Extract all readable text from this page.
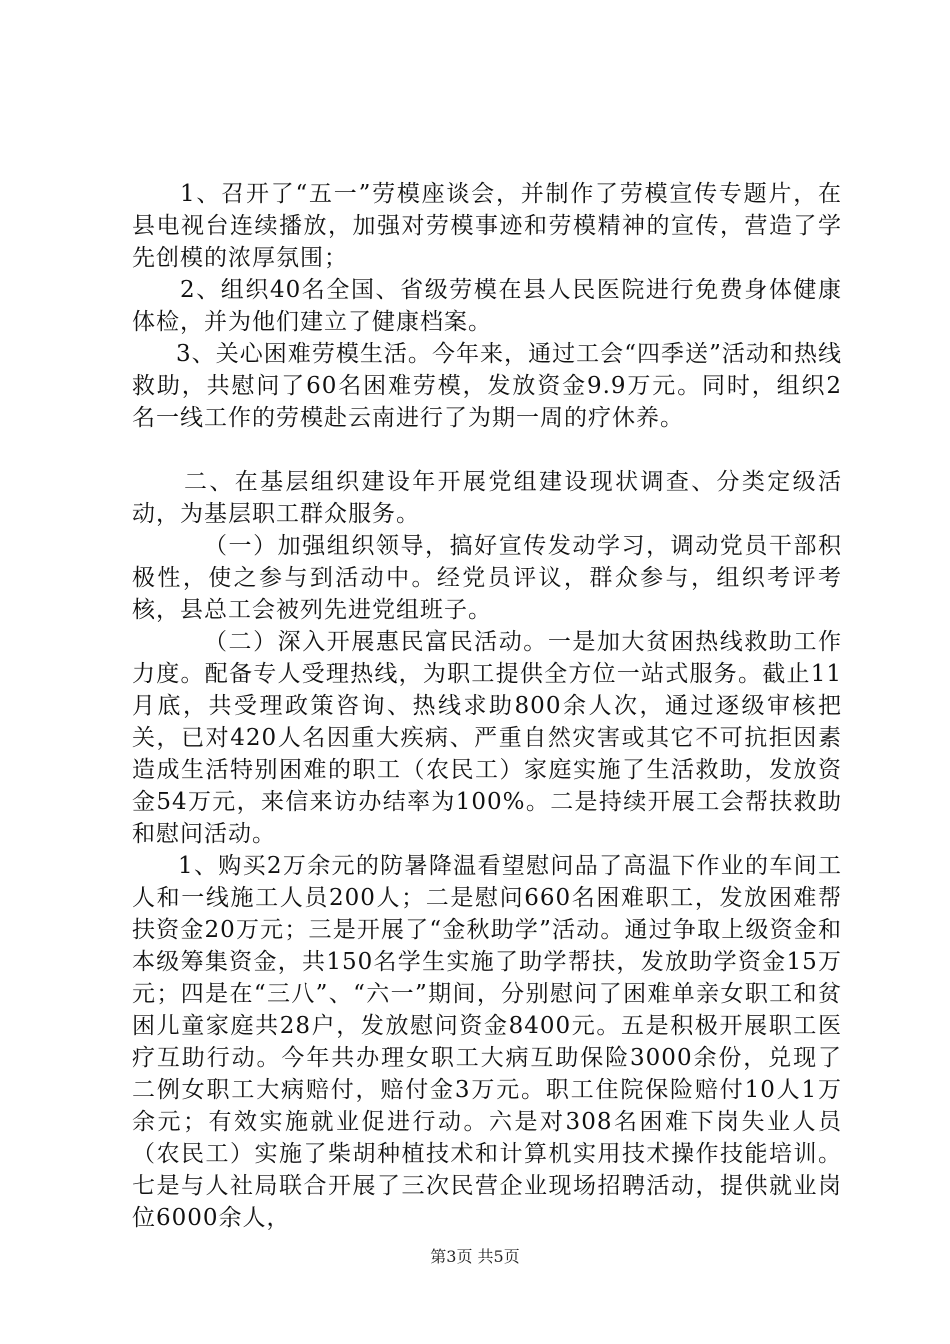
1、召开了“五一”劳模座谈会，并制作了劳模宣传专题片，在县电视台连续播放，加强对劳模事迹和劳模精神的宣传，营造了学先创模的浓厚氛围；

2、组织40名全国、省级劳模在县人民医院进行免费身体健康体检，并为他们建立了健康档案。

3、关心困难劳模生活。今年来，通过工会“四季送”活动和热线救助，共慰问了60名困难劳模，发放资金9.9万元。同时，组织2名一线工作的劳模赴云南进行了为期一周的疗休养。

二、在基层组织建设年开展党组建设现状调查、分类定级活动，为基层职工群众服务。

（一）加强组织领导，搞好宣传发动学习，调动党员干部积极性，使之参与到活动中。经党员评议，群众参与，组织考评考核，县总工会被列先进党组班子。

（二）深入开展惠民富民活动。一是加大贫困热线救助工作力度。配备专人受理热线，为职工提供全方位一站式服务。截止11月底，共受理政策咨询、热线求助800余人次，通过逐级审核把关，已对420人名因重大疾病、严重自然灾害或其它不可抗拒因素造成生活特别困难的职工（农民工）家庭实施了生活救助，发放资金54万元，来信来访办结率为100%。二是持续开展工会帮扶救助和慰问活动。

1、购买2万余元的防暑降温看望慰问品了高温下作业的车间工人和一线施工人员200人；二是慰问660名困难职工，发放困难帮扶资金20万元；三是开展了“金秋助学”活动。通过争取上级资金和本级筹集资金，共150名学生实施了助学帮扶，发放助学资金15万元；四是在“三八”、“六一”期间，分别慰问了困难单亲女职工和贫困儿童家庭共28户，发放慰问资金8400元。五是积极开展职工医疗互助行动。今年共办理女职工大病互助保险3000余份，兑现了二例女职工大病赔付，赔付金3万元。职工住院保险赔付10人1万余元；有效实施就业促进行动。六是对308名困难下岗失业人员（农民工）实施了柴胡种植技术和计算机实用技术操作技能培训。七是与人社局联合开展了三次民营企业现场招聘活动，提供就业岗位6000余人，

第3页 共5页
